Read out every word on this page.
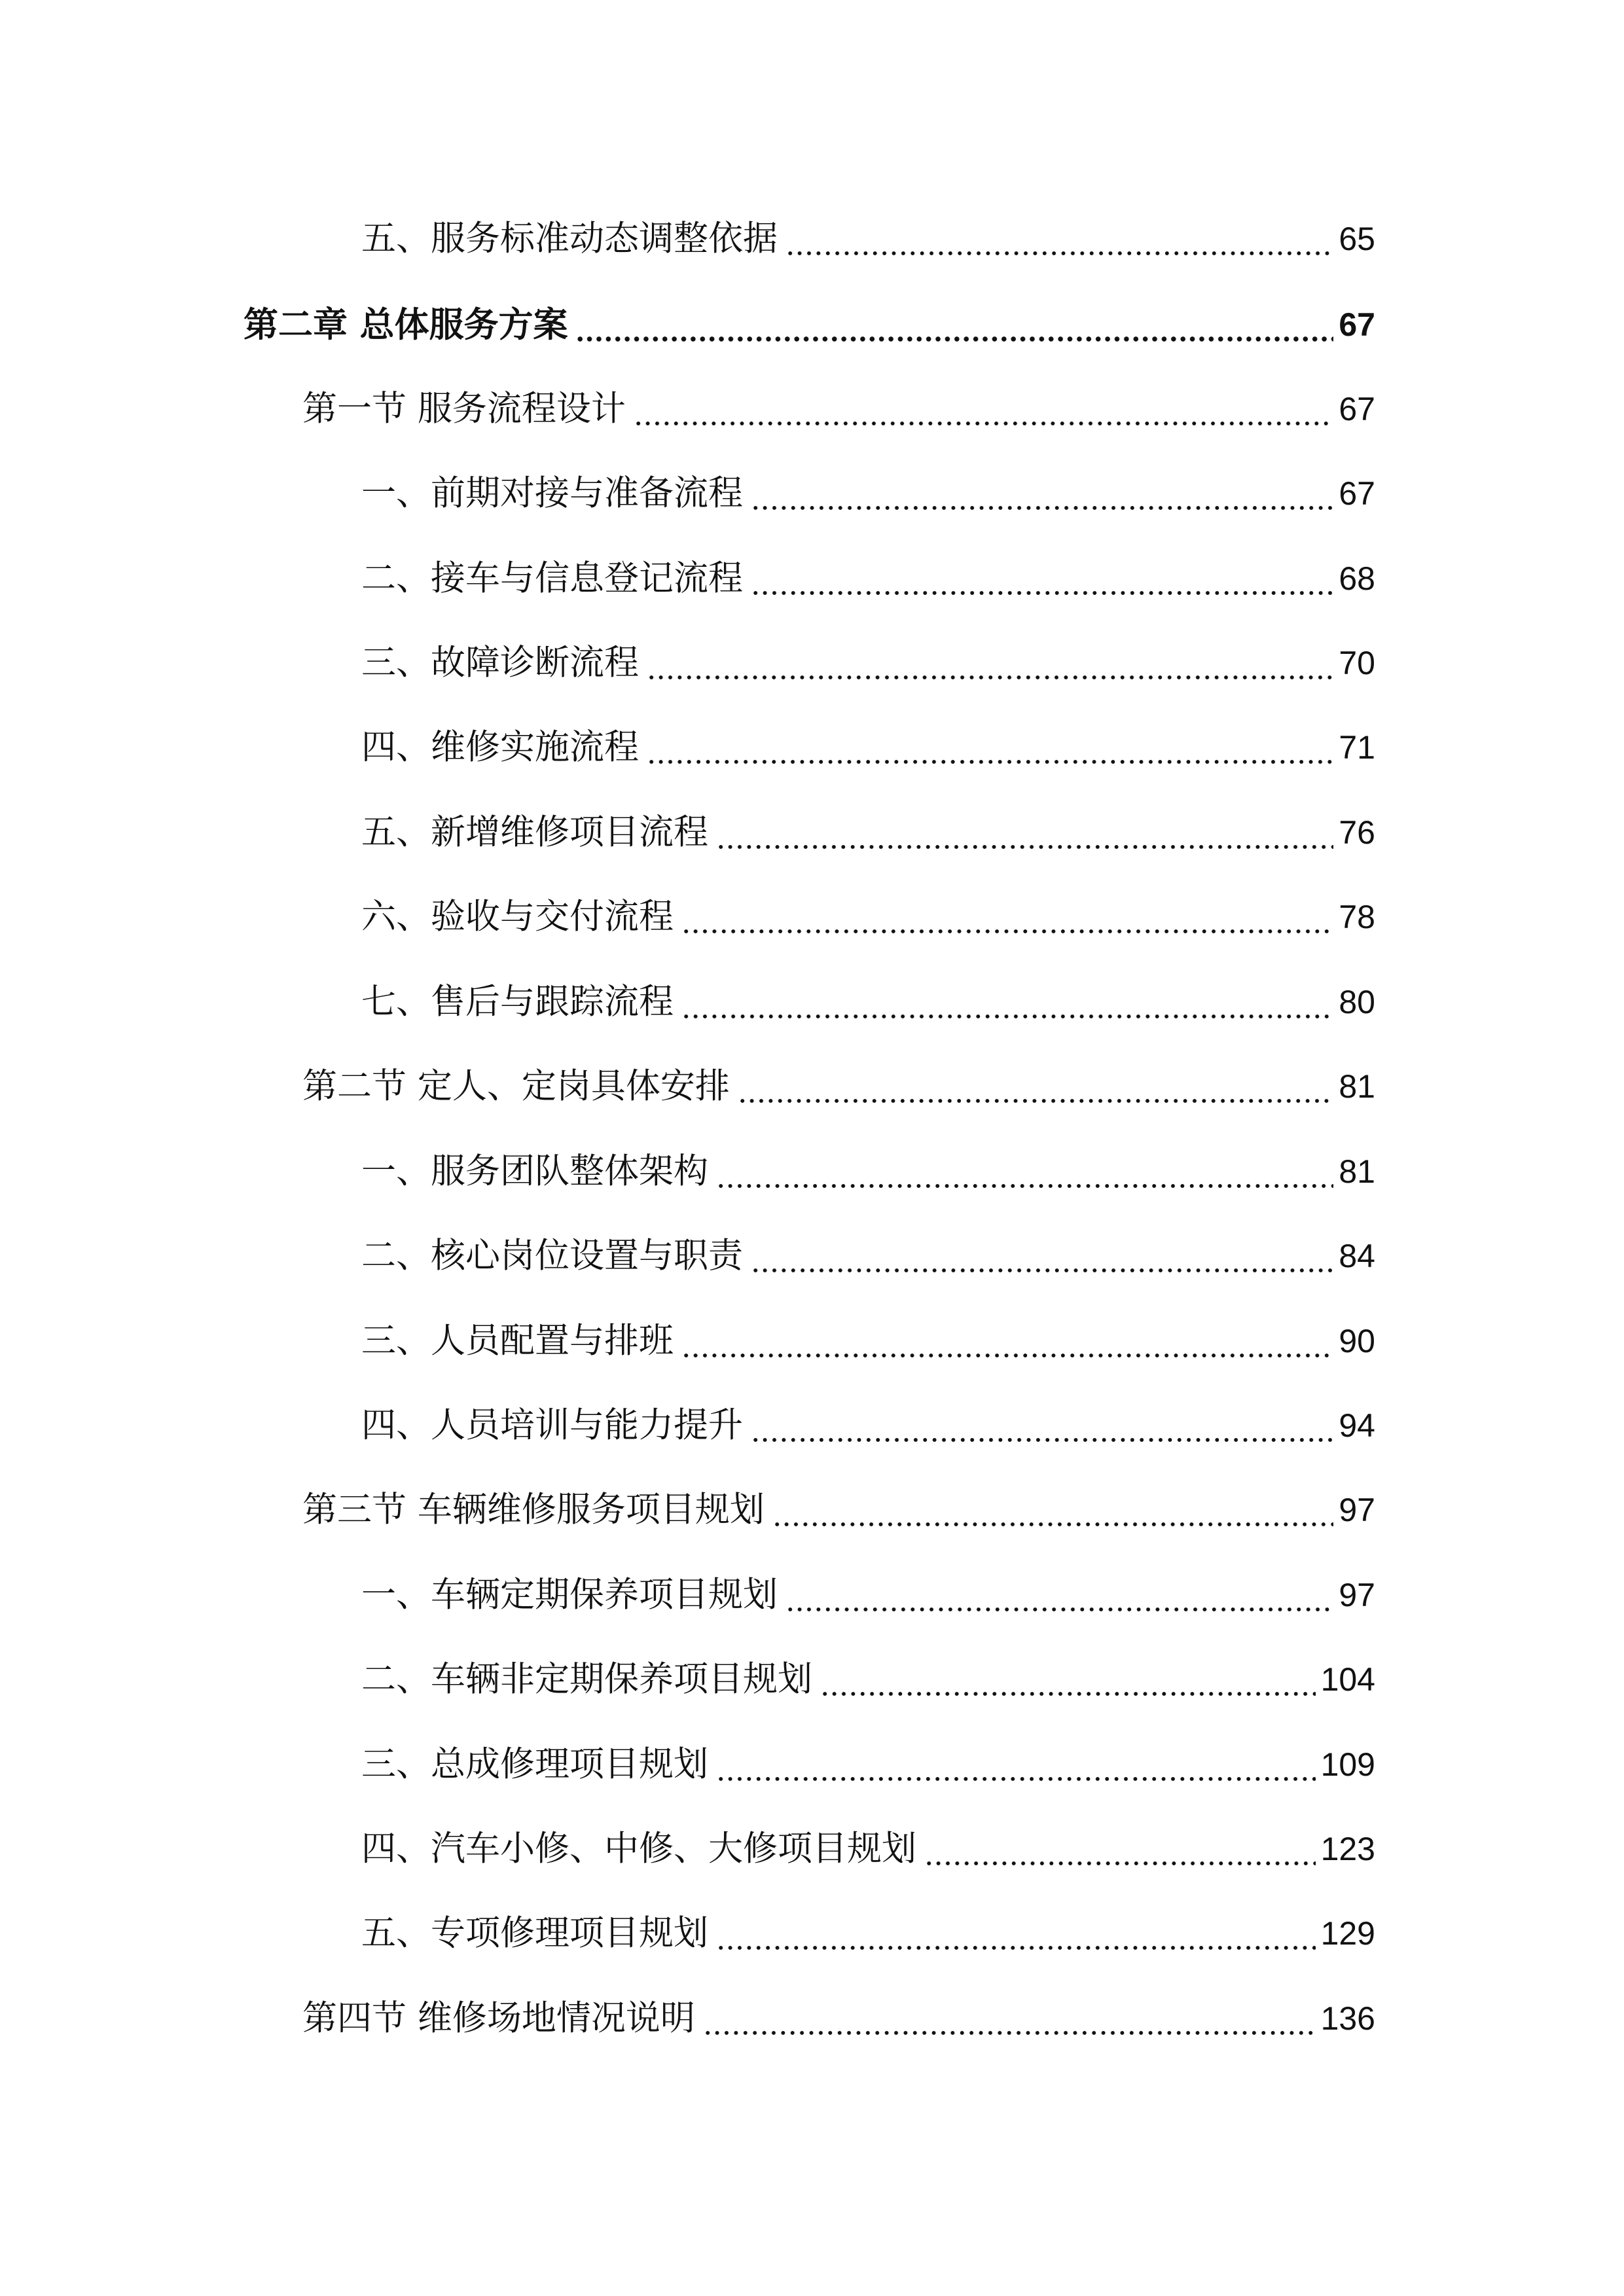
五、服务标准动态调整依据	65
第二章 总体服务方案	67
第一节 服务流程设计	67
一、前期对接与准备流程	67
二、接车与信息登记流程	68
三、故障诊断流程	70
四、维修实施流程	71
五、新增维修项目流程	76
六、验收与交付流程	78
七、售后与跟踪流程	80
第二节 定人、定岗具体安排	81
一、服务团队整体架构	81
二、核心岗位设置与职责	84
三、人员配置与排班	90
四、人员培训与能力提升	94
第三节 车辆维修服务项目规划	97
一、车辆定期保养项目规划	97
二、车辆非定期保养项目规划	104
三、总成修理项目规划	109
四、汽车小修、中修、大修项目规划	123
五、专项修理项目规划	129
第四节 维修场地情况说明	136
